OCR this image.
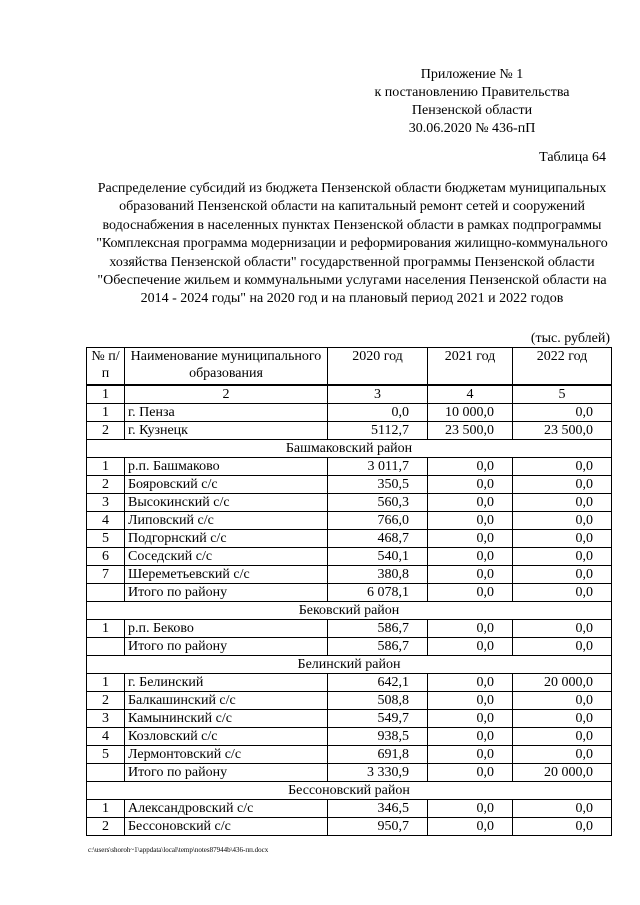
Приложение № 1
к постановлению Правительства
Пензенской области
30.06.2020 № 436-пП
Таблица 64
Распределение субсидий из бюджета Пензенской области бюджетам муниципальных образований Пензенской области на капитальный ремонт сетей и сооружений водоснабжения в населенных пунктах Пензенской области в рамках подпрограммы "Комплексная программа модернизации и реформирования жилищно-коммунального хозяйства Пензенской области" государственной программы Пензенской области "Обеспечение жильем и коммунальными услугами населения Пензенской области на 2014 - 2024 годы" на 2020 год и на плановый период 2021 и 2022 годов
(тыс. рублей)
№ п/п	Наименование муниципального образования	2020 год	2021 год	2022 год
1	2	3	4	5
1	г. Пенза	0,0	10 000,0	0,0
2	г. Кузнецк	5112,7	23 500,0	23 500,0
Башмаковский район				
1	р.п. Башмаково	3 011,7	0,0	0,0
2	Бояровский с/с	350,5	0,0	0,0
3	Высокинский с/с	560,3	0,0	0,0
4	Липовский с/с	766,0	0,0	0,0
5	Подгорнский с/с	468,7	0,0	0,0
6	Соседский с/с	540,1	0,0	0,0
7	Шереметьевский с/с	380,8	0,0	0,0
	Итого по району	6 078,1	0,0	0,0
Бековский район				
1	р.п. Беково	586,7	0,0	0,0
	Итого по району	586,7	0,0	0,0
Белинский район				
1	г. Белинский	642,1	0,0	20 000,0
2	Балкашинский с/с	508,8	0,0	0,0
3	Камынинский с/с	549,7	0,0	0,0
4	Козловский с/с	938,5	0,0	0,0
5	Лермонтовский с/с	691,8	0,0	0,0
	Итого по району	3 330,9	0,0	20 000,0
Бессоновский район				
1	Александровский с/с	346,5	0,0	0,0
2	Бессоновский с/с	950,7	0,0	0,0
c:\users\shoroh~1\appdata\local\temp\notes87944b\436-пп.docx
